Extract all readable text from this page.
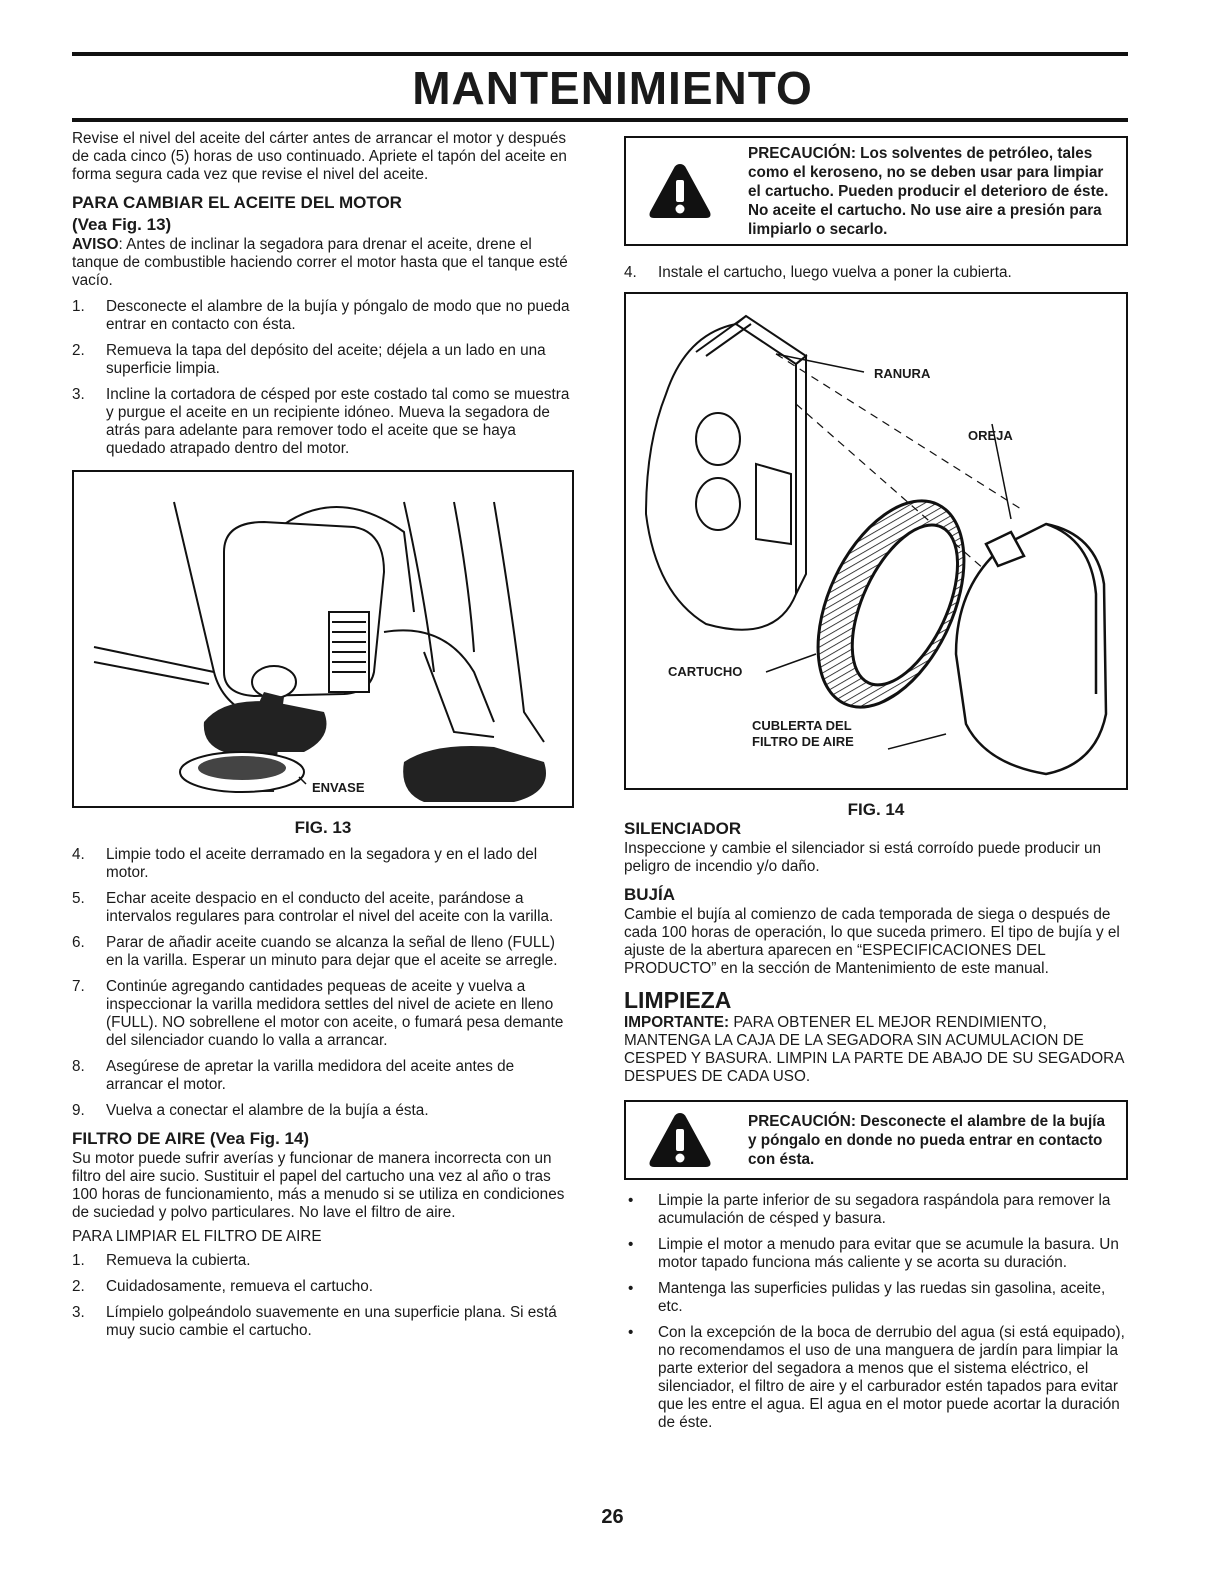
MANTENIMIENTO

Revise el nivel del aceite del cárter antes de arrancar el motor y después de cada cinco (5) horas de uso continuado. Apriete el tapón del aceite en forma segura cada vez que revise el nivel del aceite.

PARA CAMBIAR EL ACEITE DEL MOTOR
(Vea Fig. 13)

AVISO: Antes de inclinar la segadora para drenar el aceite, drene el tanque de combustible haciendo correr el motor hasta que el tanque esté vacío.

1.	Desconecte el alambre de la bujía y póngalo de modo que no pueda entrar en contacto con ésta.
2.	Remueva la tapa del depósito del aceite; déjela a un lado en una superficie limpia.
3.	Incline la cortadora de césped por este costado tal como se muestra y purgue el aceite en un recipiente idóneo. Mueva la segadora de atrás para adelante para remover todo el aceite que se haya quedado atrapado dentro del motor.
ENVASE
FIG. 13
4.	Limpie todo el aceite derramado en la segadora y en el lado del motor.
5.	Echar aceite despacio en el conducto del aceite, parándose a intervalos regulares para controlar el nivel del aceite con la varilla.
6.	Parar de añadir aceite cuando se alcanza la señal de lleno (FULL) en la varilla. Esperar un minuto para dejar que el aceite se arregle.
7.	Continúe agregando cantidades pequeas de aceite y vuelva a inspeccionar la varilla medidora settles del nivel de aciete en lleno (FULL). NO sobrellene el motor con aceite, o fumará pesa demante del silenciador cuando lo valla a arrancar.
8.	Asegúrese de apretar la varilla medidora del aceite antes de arrancar el motor.
9.	Vuelva a conectar el alambre de la bujía a ésta.
FILTRO DE AIRE (Vea Fig. 14)

Su motor puede sufrir averías y funcionar de manera incorrecta con un filtro del aire sucio. Sustituir el papel del cartucho una vez al año o tras 100 horas de funcionamiento, más a menudo si se utiliza en condiciones de suciedad y polvo particulares. No lave el filtro de aire.

PARA LIMPIAR EL FILTRO DE AIRE

1.	Remueva la cubierta.
2.	Cuidadosamente, remueva el cartucho.
3.	Límpielo golpeándolo suavemente en una superficie plana. Si está muy sucio cambie el cartucho.
PRECAUCIÓN: Los solventes de petróleo, tales como el keroseno, no se deben usar para limpiar el cartucho. Pueden producir el deterioro de éste. No aceite el cartucho. No use aire a presión para limpiarlo o secarlo.
4.	Instale el cartucho, luego vuelva a poner la cubierta.
RANURA
OREJA
CARTUCHO
CUBLERTA DEL
FILTRO DE AIRE
FIG. 14
SILENCIADOR

Inspeccione y cambie el silenciador si está corroído puede producir un peligro de incendio y/o daño.

BUJÍA

Cambie el bujía al comienzo de cada temporada de siega o después de cada 100 horas de operación, lo que suceda primero. El tipo de bujía y el ajuste de la abertura aparecen en “ESPECIFICACIONES DEL PRODUCTO” en la sección de Mantenimiento de este manual.

LIMPIEZA

IMPORTANTE: PARA OBTENER EL MEJOR RENDIMIENTO, MANTENGA LA CAJA DE LA SEGADORA SIN ACUMULACION DE CESPED Y BASURA. LIMPIN LA PARTE DE ABAJO DE SU SEGADORA DESPUES DE CADA USO.

PRECAUCIÓN: Desconecte el alambre de la bujía y póngalo en donde no pueda entrar en contacto con ésta.
•	Limpie la parte inferior de su segadora raspándola para remover la acumulación de césped y basura.
•	Limpie el motor a menudo para evitar que se acumule la basura. Un motor tapado funciona más caliente y se acorta su duración.
•	Mantenga las superficies pulidas y las ruedas sin gasolina, aceite, etc.
•	Con la excepción de la boca de derrubio del agua (si está equipado), no recomendamos el uso de una manguera de jardín para limpiar la parte exterior del segadora a menos que el sistema eléctrico, el silenciador, el filtro de aire y el carburador estén tapados para evitar que les entre el agua. El agua en el motor puede acortar la duración de éste.
26
